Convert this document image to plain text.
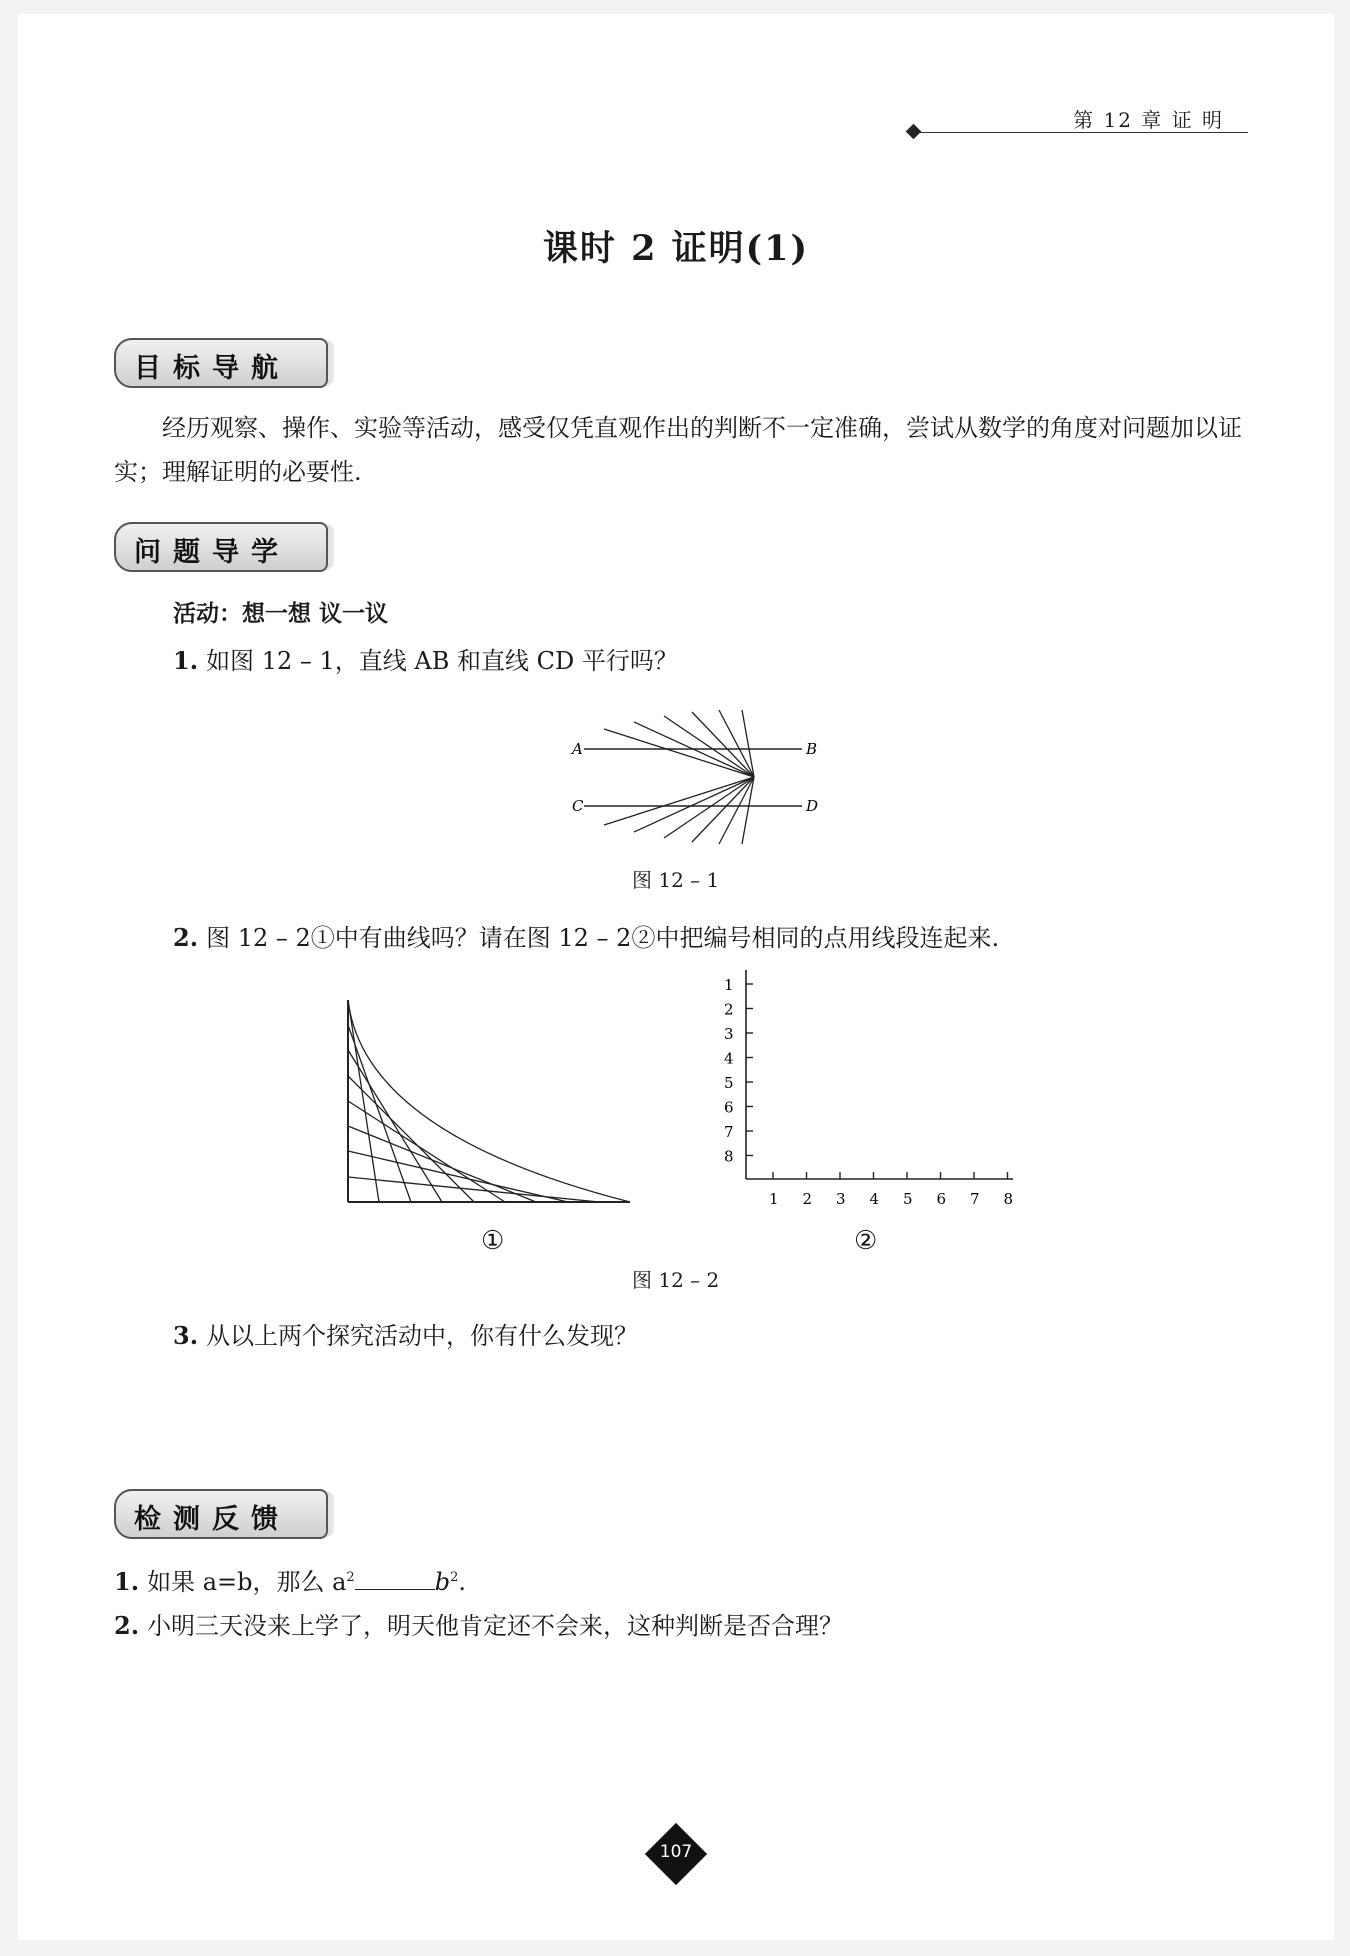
第 12 章 证 明
课时 2 证明(1)
目标导航
经历观察、操作、实验等活动，感受仅凭直观作出的判断不一定准确，尝试从数学的角度对问题加以证实；理解证明的必要性.
问题导学
活动：想一想 议一议
1. 如图 12 – 1，直线 AB 和直线 CD 平行吗？
A	B
C	D
图 12 – 1
2. 图 12 – 2①中有曲线吗？请在图 12 – 2②中把编号相同的点用线段连起来.
①
1
2
3
4
5
6
7
8
1 2 3 4 5 6 7 8
②
图 12 – 2
3. 从以上两个探究活动中，你有什么发现？
检测反馈
1. 如果 a=b，那么 $a^2$	$b^2$.
2. 小明三天没来上学了，明天他肯定还不会来，这种判断是否合理？
107
